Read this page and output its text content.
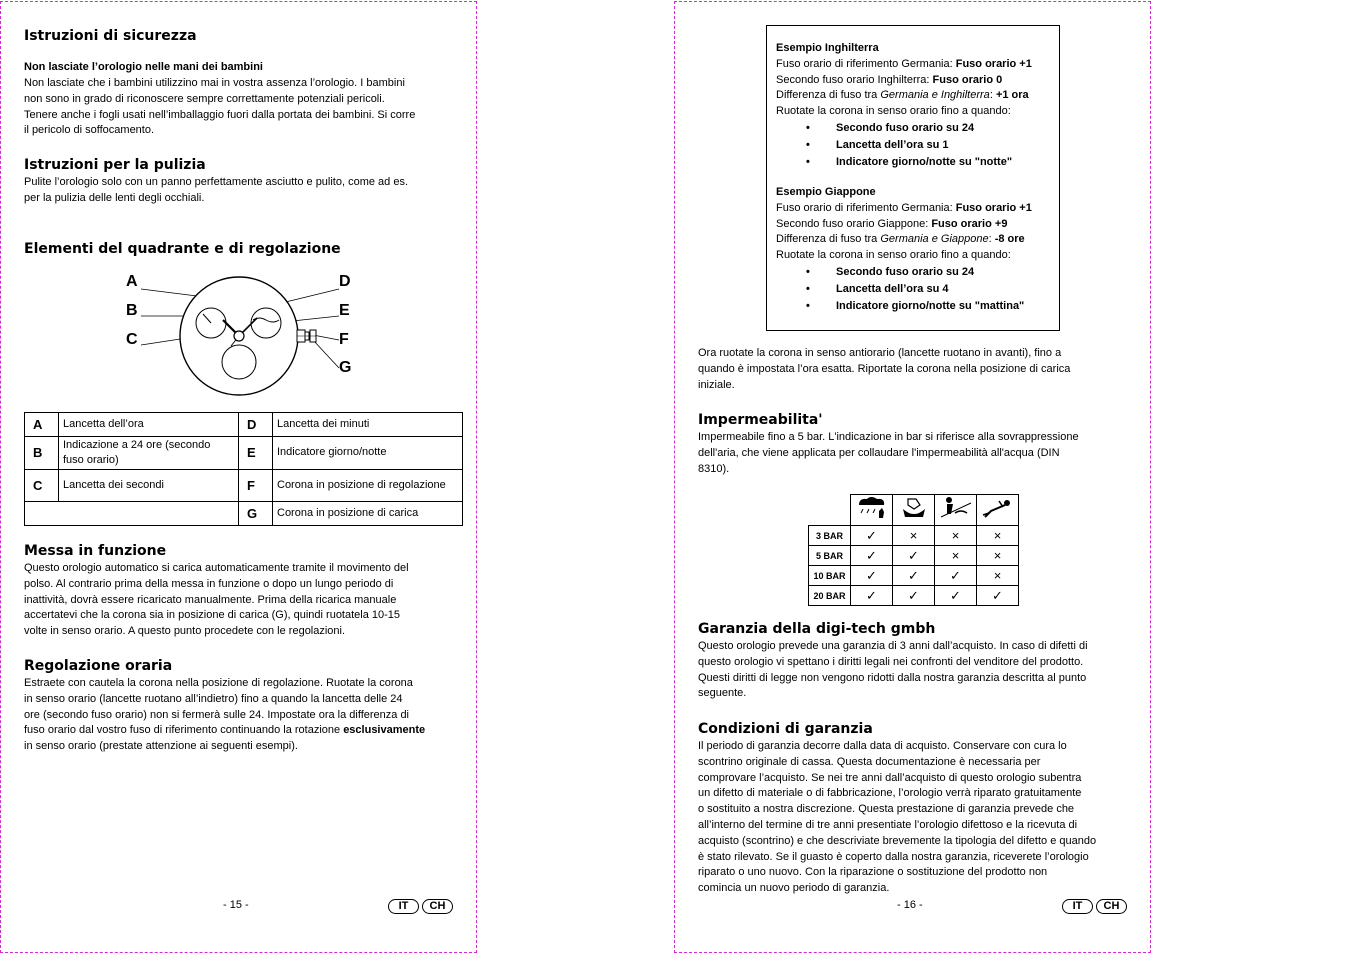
Istruzioni di sicurezza
Non lasciate l’orologio nelle mani dei bambini
Non lasciate che i bambini utilizzino mai in vostra assenza l’orologio. I bambini
non sono in grado di riconoscere sempre correttamente potenziali pericoli.
Tenere anche i fogli usati nell’imballaggio fuori dalla portata dei bambini. Si corre
il pericolo di soffocamento.
Istruzioni per la pulizia
Pulite l’orologio solo con un panno perfettamente asciutto e pulito, come ad es.
per la pulizia delle lenti degli occhiali.
Elementi del quadrante e di regolazione
A
B
C
D
E
F
G
A	Lancetta dell’ora	D	Lancetta dei minuti
B	Indicazione a 24 ore (secondo fuso orario)	E	Indicatore giorno/notte
C	Lancetta dei secondi	F	Corona in posizione di regolazione
		G	Corona in posizione di carica
Messa in funzione
Questo orologio automatico si carica automaticamente tramite il movimento del
polso. Al contrario prima della messa in funzione o dopo un lungo periodo di
inattività, dovrà essere ricaricato manualmente. Prima della ricarica manuale
accertatevi che la corona sia in posizione di carica (G), quindi ruotatela 10-15
volte in senso orario. A questo punto procedete con le regolazioni.
Regolazione oraria
Estraete con cautela la corona nella posizione di regolazione. Ruotate la corona
in senso orario (lancette ruotano all’indietro) fino a quando la lancetta delle 24
ore (secondo fuso orario) non si fermerà sulle 24. Impostate ora la differenza di
fuso orario dal vostro fuso di riferimento continuando la rotazione esclusivamente
in senso orario (prestate attenzione ai seguenti esempi).
- 15 -	IT	CH
Esempio Inghilterra
Fuso orario di riferimento Germania: Fuso orario +1
Secondo fuso orario Inghilterra: Fuso orario 0
Differenza di fuso tra Germania e Inghilterra: +1 ora
Ruotate la corona in senso orario fino a quando:
• Secondo fuso orario su 24
• Lancetta dell’ora su 1
• Indicatore giorno/notte su "notte"
Esempio Giappone
Fuso orario di riferimento Germania: Fuso orario +1
Secondo fuso orario Giappone: Fuso orario +9
Differenza di fuso tra Germania e Giappone: -8 ore
Ruotate la corona in senso orario fino a quando:
• Secondo fuso orario su 24
• Lancetta dell’ora su 4
• Indicatore giorno/notte su "mattina"
Ora ruotate la corona in senso antiorario (lancette ruotano in avanti), fino a
quando è impostata l’ora esatta. Riportate la corona nella posizione di carica
iniziale.
Impermeabilita'
Impermeabile fino a 5 bar. L'indicazione in bar si riferisce alla sovrappressione
dell'aria, che viene applicata per collaudare l'impermeabilità all'acqua (DIN
8310).

3 BAR	✓	×	×	×
5 BAR	✓	✓	×	×
10 BAR	✓	✓	✓	×
20 BAR	✓	✓	✓	✓
Garanzia della digi-tech gmbh
Questo orologio prevede una garanzia di 3 anni dall’acquisto. In caso di difetti di
questo orologio vi spettano i diritti legali nei confronti del venditore del prodotto.
Questi diritti di legge non vengono ridotti dalla nostra garanzia descritta al punto
seguente.
Condizioni di garanzia
Il periodo di garanzia decorre dalla data di acquisto. Conservare con cura lo
scontrino originale di cassa. Questa documentazione è necessaria per
comprovare l’acquisto. Se nei tre anni dall’acquisto di questo orologio subentra
un difetto di materiale o di fabbricazione, l’orologio verrà riparato gratuitamente
o sostituito a nostra discrezione. Questa prestazione di garanzia prevede che
all’interno del termine di tre anni presentiate l’orologio difettoso e la ricevuta di
acquisto (scontrino) e che descriviate brevemente la tipologia del difetto e quando
è stato rilevato. Se il guasto è coperto dalla nostra garanzia, riceverete l’orologio
riparato o uno nuovo. Con la riparazione o sostituzione del prodotto non
comincia un nuovo periodo di garanzia.
- 16 -	IT	CH
